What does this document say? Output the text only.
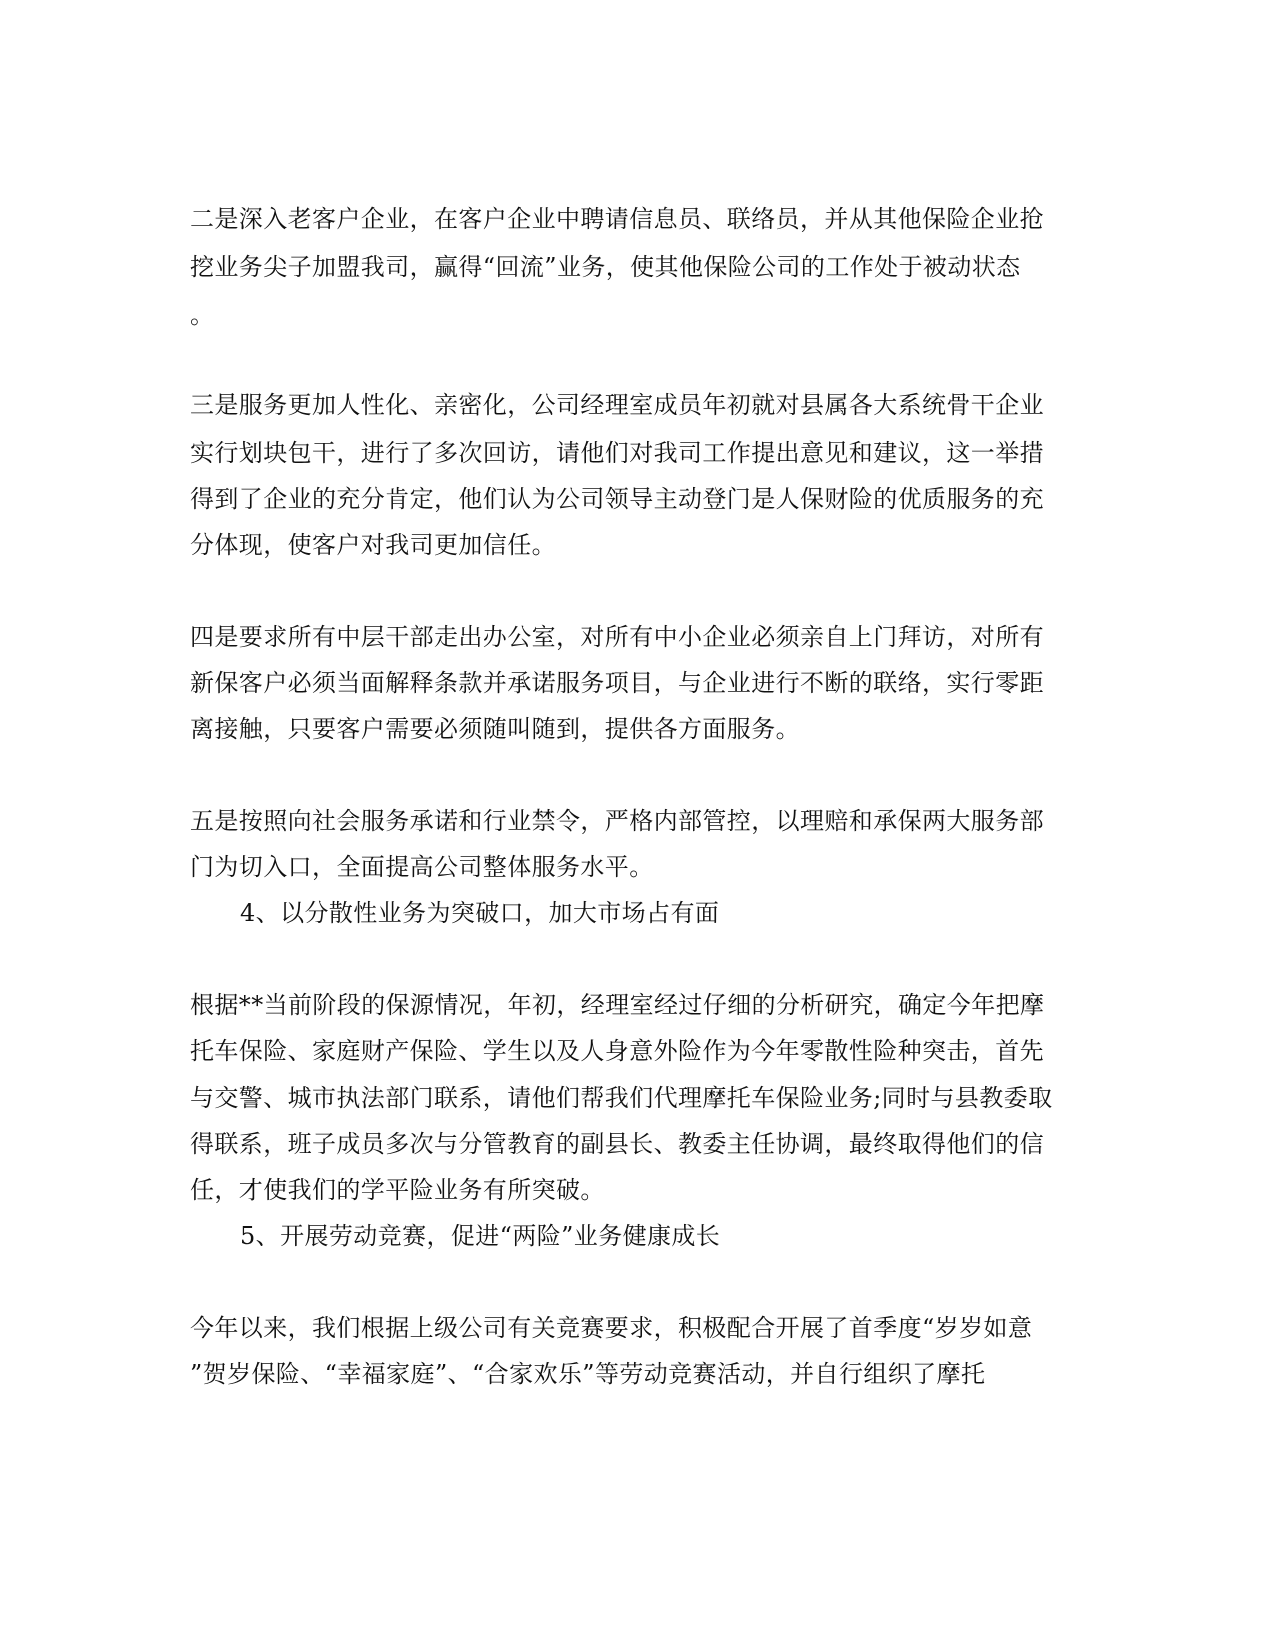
二是深入老客户企业，在客户企业中聘请信息员、联络员，并从其他保险企业抢
挖业务尖子加盟我司，赢得“回流”业务，使其他保险公司的工作处于被动状态
。
三是服务更加人性化、亲密化，公司经理室成员年初就对县属各大系统骨干企业
实行划块包干，进行了多次回访，请他们对我司工作提出意见和建议，这一举措
得到了企业的充分肯定，他们认为公司领导主动登门是人保财险的优质服务的充
分体现，使客户对我司更加信任。
四是要求所有中层干部走出办公室，对所有中小企业必须亲自上门拜访，对所有
新保客户必须当面解释条款并承诺服务项目，与企业进行不断的联络，实行零距
离接触，只要客户需要必须随叫随到，提供各方面服务。
五是按照向社会服务承诺和行业禁令，严格内部管控，以理赔和承保两大服务部
门为切入口，全面提高公司整体服务水平。
4、以分散性业务为突破口，加大市场占有面
根据**当前阶段的保源情况，年初，经理室经过仔细的分析研究，确定今年把摩
托车保险、家庭财产保险、学生以及人身意外险作为今年零散性险种突击，首先
与交警、城市执法部门联系，请他们帮我们代理摩托车保险业务;同时与县教委取
得联系，班子成员多次与分管教育的副县长、教委主任协调，最终取得他们的信
任，才使我们的学平险业务有所突破。
5、开展劳动竞赛，促进“两险”业务健康成长
今年以来，我们根据上级公司有关竞赛要求，积极配合开展了首季度“岁岁如意
”贺岁保险、“幸福家庭”、“合家欢乐”等劳动竞赛活动，并自行组织了摩托
